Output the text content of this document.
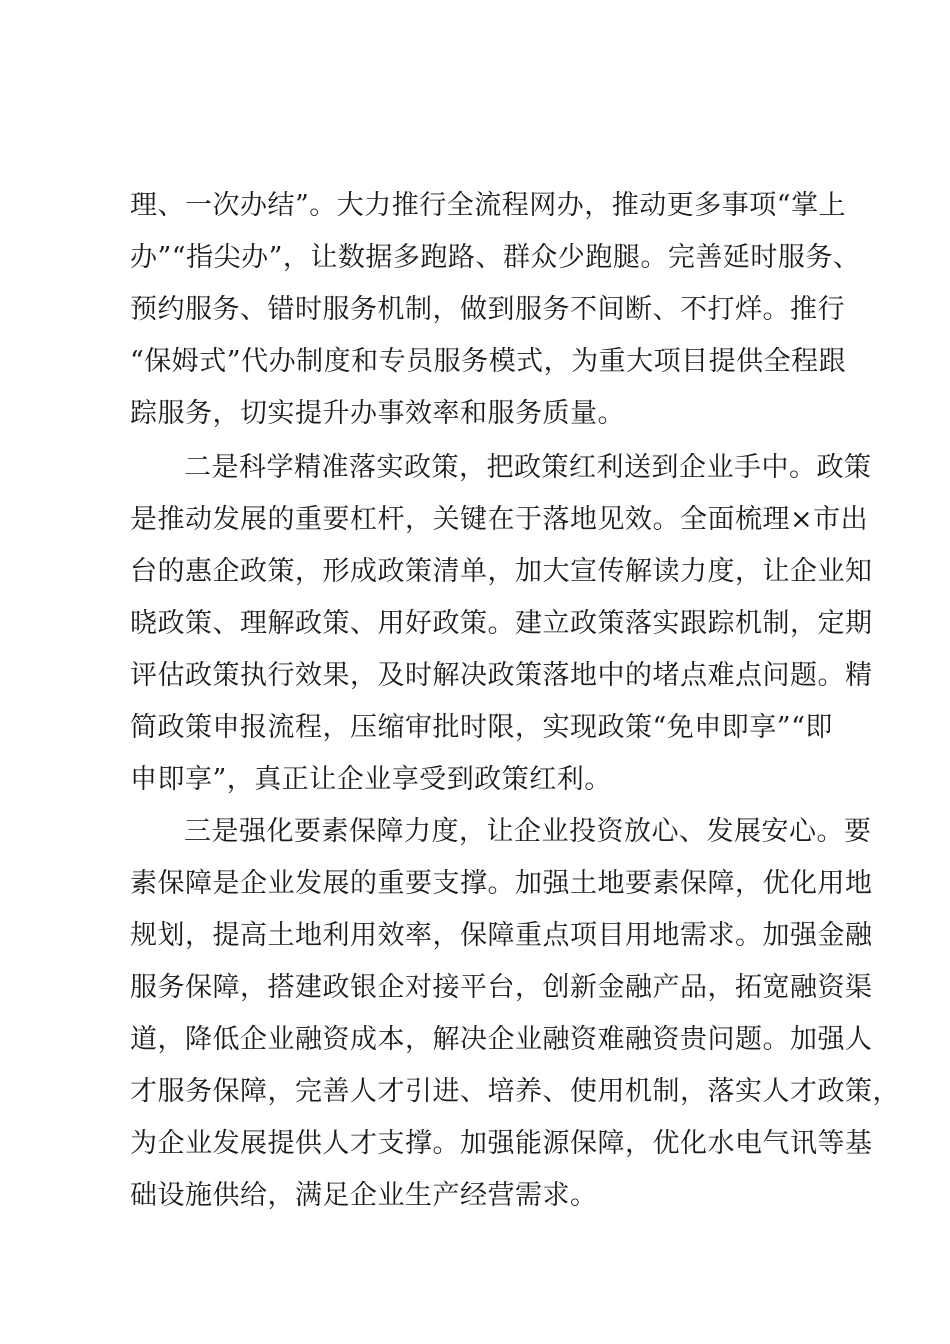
理、一次办结”。大力推行全流程网办，推动更多事项“掌上
办”“指尖办”，让数据多跑路、群众少跑腿。完善延时服务、
预约服务、错时服务机制，做到服务不间断、不打烊。推行
“保姆式”代办制度和专员服务模式，为重大项目提供全程跟
踪服务，切实提升办事效率和服务质量。
二是科学精准落实政策，把政策红利送到企业手中。政策
是推动发展的重要杠杆，关键在于落地见效。全面梳理×市出
台的惠企政策，形成政策清单，加大宣传解读力度，让企业知
晓政策、理解政策、用好政策。建立政策落实跟踪机制，定期
评估政策执行效果，及时解决政策落地中的堵点难点问题。精
简政策申报流程，压缩审批时限，实现政策“免申即享”“即
申即享”，真正让企业享受到政策红利。
三是强化要素保障力度，让企业投资放心、发展安心。要
素保障是企业发展的重要支撑。加强土地要素保障，优化用地
规划，提高土地利用效率，保障重点项目用地需求。加强金融
服务保障，搭建政银企对接平台，创新金融产品，拓宽融资渠
道，降低企业融资成本，解决企业融资难融资贵问题。加强人
才服务保障，完善人才引进、培养、使用机制，落实人才政策，
为企业发展提供人才支撑。加强能源保障，优化水电气讯等基
础设施供给，满足企业生产经营需求。
